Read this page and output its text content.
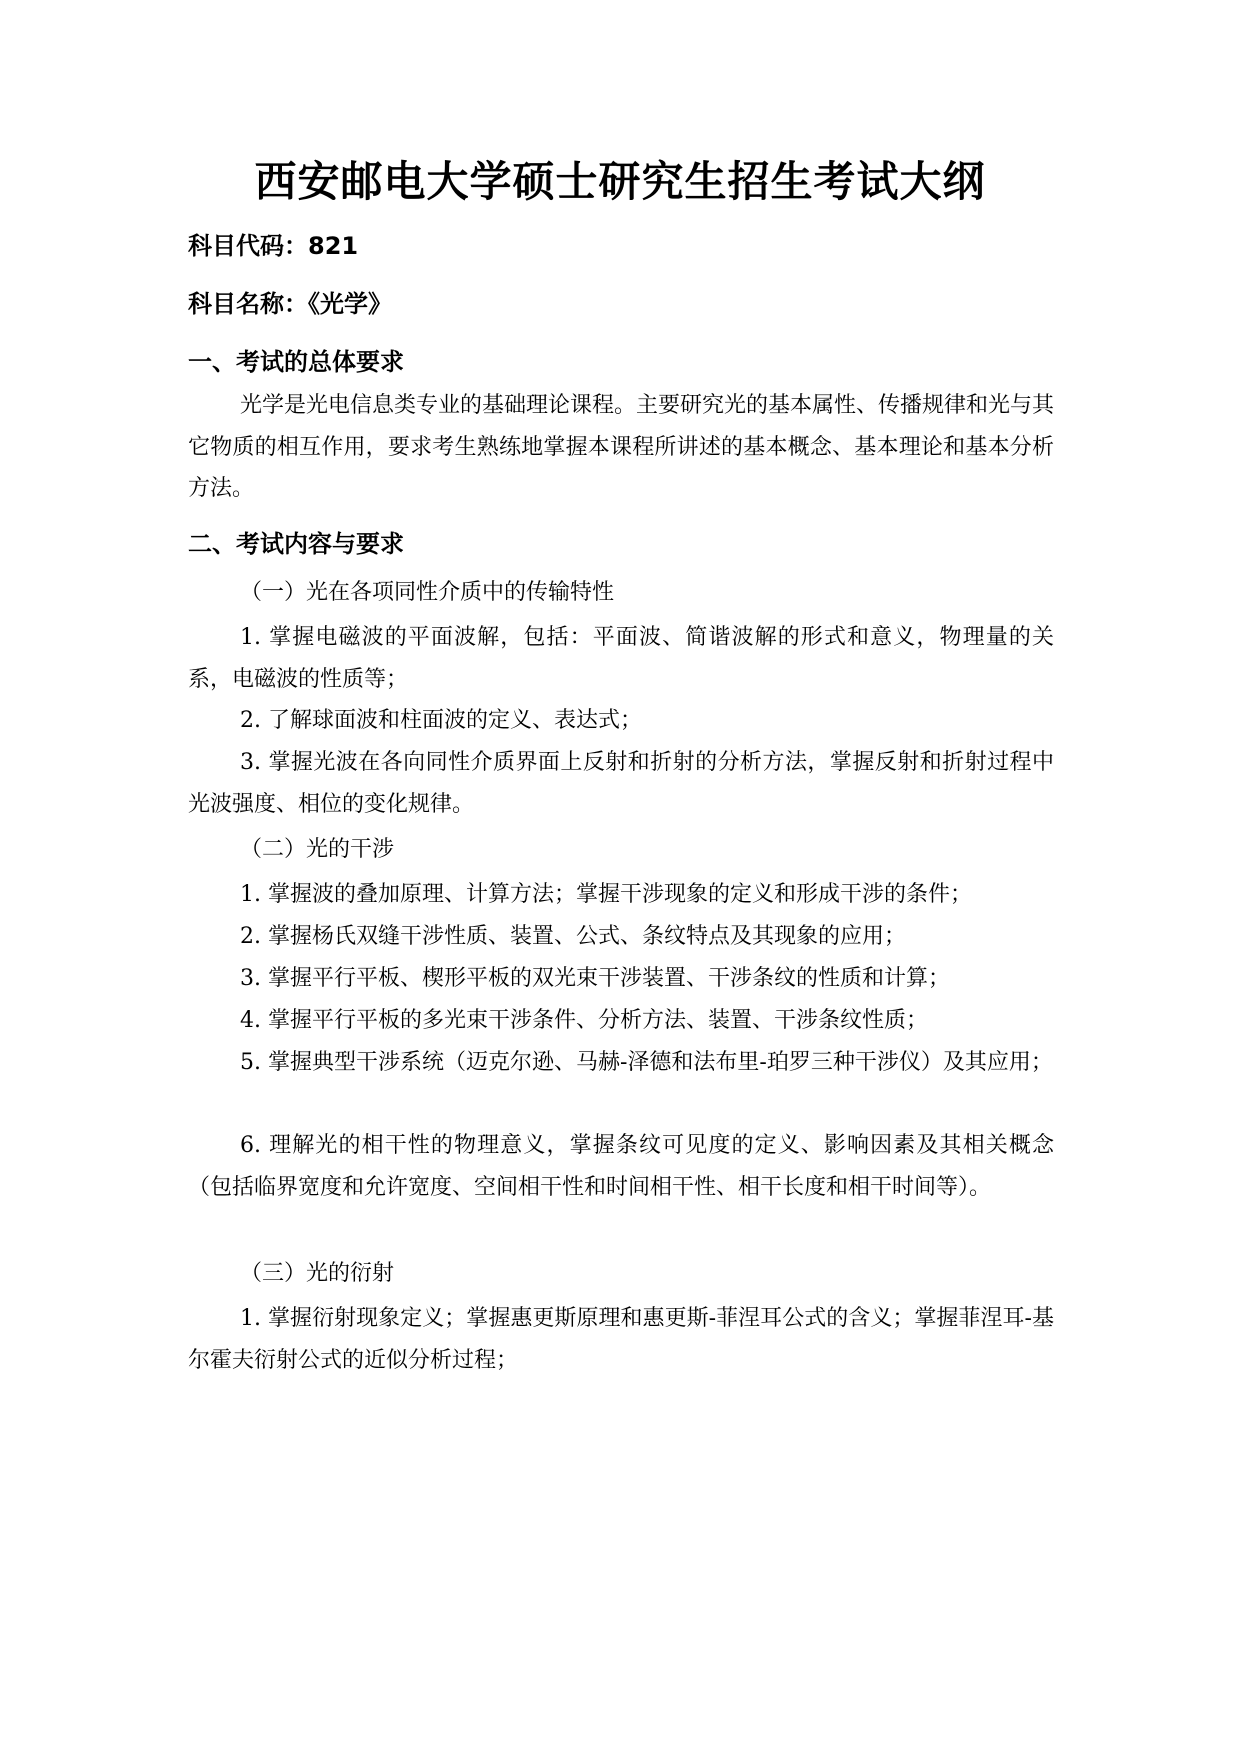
西安邮电大学硕士研究生招生考试大纲
科目代码：821
科目名称：《光学》
一、考试的总体要求
光学是光电信息类专业的基础理论课程。主要研究光的基本属性、传播规律和光与其它物质的相互作用，要求考生熟练地掌握本课程所讲述的基本概念、基本理论和基本分析方法。
二、考试内容与要求
（一）光在各项同性介质中的传输特性
1. 掌握电磁波的平面波解，包括：平面波、简谐波解的形式和意义，物理量的关系，电磁波的性质等；
2. 了解球面波和柱面波的定义、表达式；
3. 掌握光波在各向同性介质界面上反射和折射的分析方法，掌握反射和折射过程中光波强度、相位的变化规律。
（二）光的干涉
1. 掌握波的叠加原理、计算方法；掌握干涉现象的定义和形成干涉的条件；
2. 掌握杨氏双缝干涉性质、装置、公式、条纹特点及其现象的应用；
3. 掌握平行平板、楔形平板的双光束干涉装置、干涉条纹的性质和计算；
4. 掌握平行平板的多光束干涉条件、分析方法、装置、干涉条纹性质；
5. 掌握典型干涉系统（迈克尔逊、马赫-泽德和法布里-珀罗三种干涉仪）及其应用；
6. 理解光的相干性的物理意义，掌握条纹可见度的定义、影响因素及其相关概念（包括临界宽度和允许宽度、空间相干性和时间相干性、相干长度和相干时间等）。
（三）光的衍射
1. 掌握衍射现象定义；掌握惠更斯原理和惠更斯-菲涅耳公式的含义；掌握菲涅耳-基尔霍夫衍射公式的近似分析过程；
